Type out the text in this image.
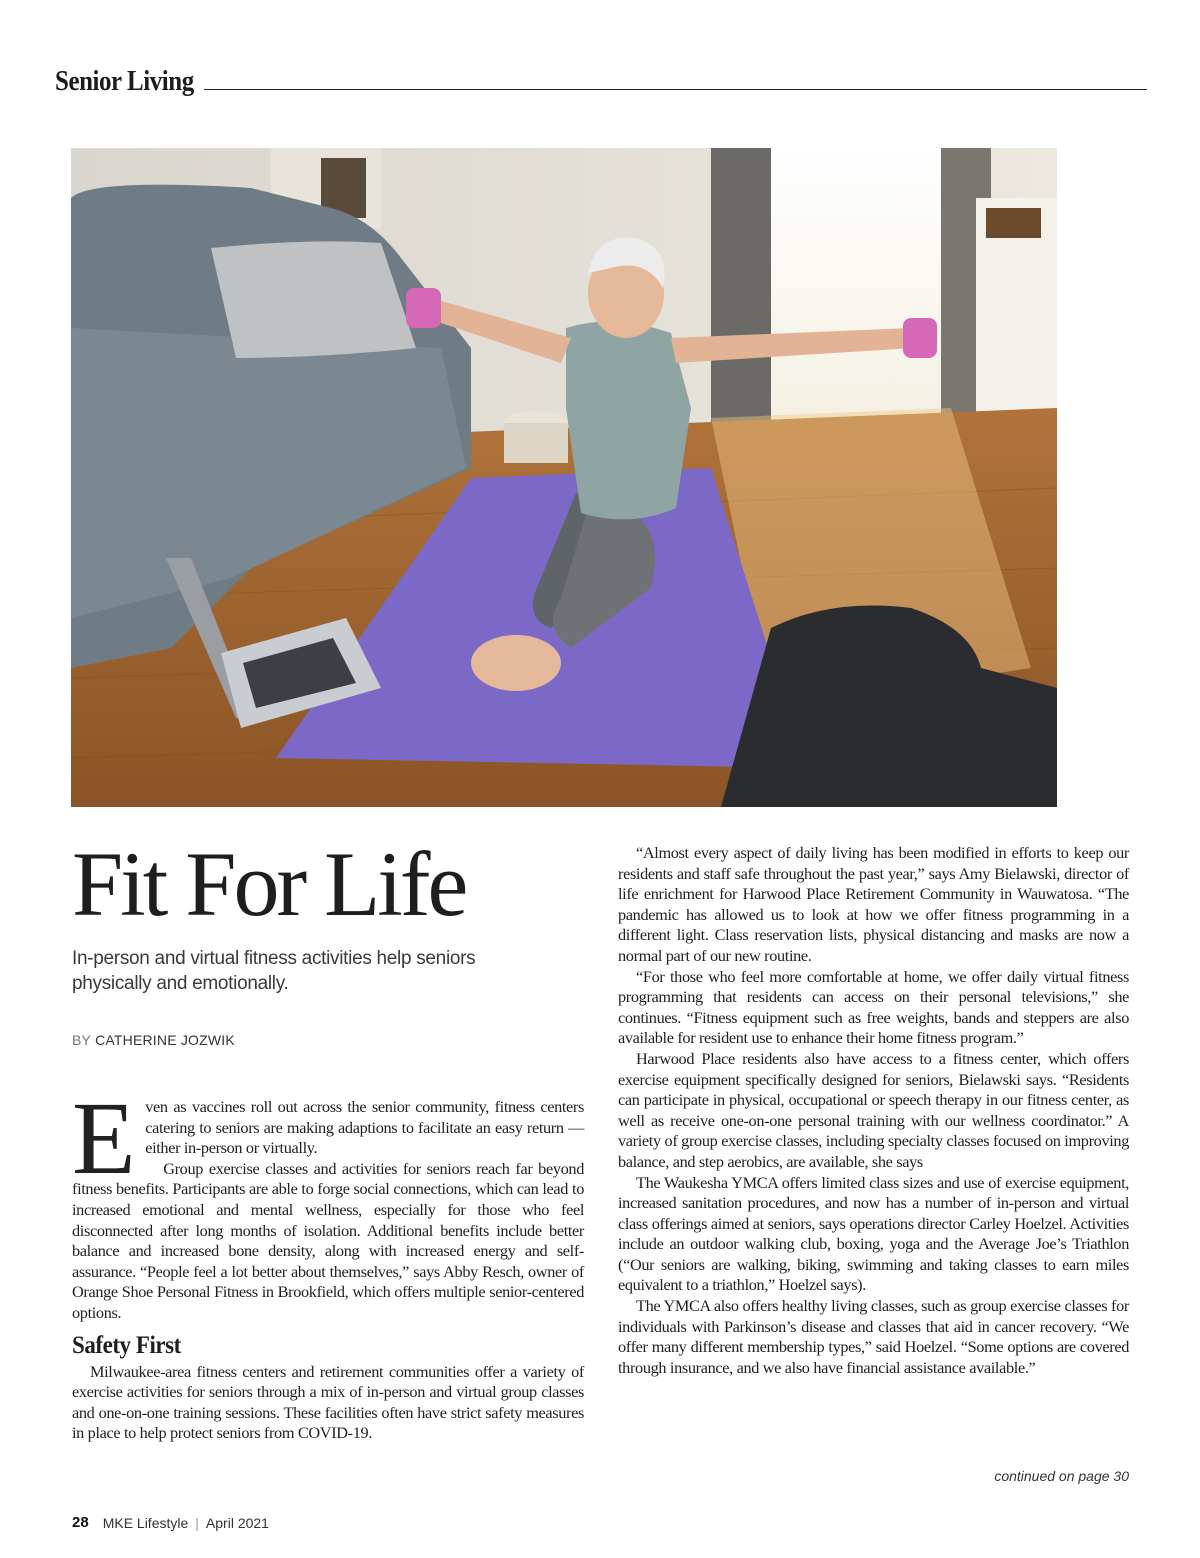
Senior Living
Fit For Life

In-person and virtual fitness activities help seniors physically and emotionally.

BY CATHERINE JOZWIK

Even as vaccines roll out across the senior community, fitness centers catering to seniors are making adaptions to facilitate an easy return — either in-person or virtually.

Group exercise classes and activities for seniors reach far beyond fitness benefits. Participants are able to forge social connections, which can lead to increased emotional and mental wellness, especially for those who feel disconnected after long months of isolation. Additional benefits include better balance and increased bone density, along with increased energy and self-assurance. “People feel a lot better about themselves,” says Abby Resch, owner of Orange Shoe Personal Fitness in Brookfield, which offers multiple senior-centered options.

Safety First

Milwaukee-area fitness centers and retirement communities offer a variety of exercise activities for seniors through a mix of in-person and virtual group classes and one-on-one training sessions. These facilities often have strict safety measures in place to help protect seniors from COVID-19.

“Almost every aspect of daily living has been modified in efforts to keep our residents and staff safe throughout the past year,” says Amy Bielawski, director of life enrichment for Harwood Place Retirement Community in Wauwatosa. “The pandemic has allowed us to look at how we offer fitness programming in a different light. Class reservation lists, physical distancing and masks are now a normal part of our new routine.

“For those who feel more comfortable at home, we offer daily virtual fitness programming that residents can access on their personal televisions,” she continues. “Fitness equipment such as free weights, bands and steppers are also available for resident use to enhance their home fitness program.”

Harwood Place residents also have access to a fitness center, which offers exercise equipment specifically designed for seniors, Bielawski says. “Residents can participate in physical, occupational or speech therapy in our fitness center, as well as receive one-on-one personal training with our wellness coordinator.” A variety of group exercise classes, including specialty classes focused on improving balance, and step aerobics, are available, she says

The Waukesha YMCA offers limited class sizes and use of exercise equipment, increased sanitation procedures, and now has a number of in-person and virtual class offerings aimed at seniors, says operations director Carley Hoelzel. Activities include an outdoor walking club, boxing, yoga and the Average Joe’s Triathlon (“Our seniors are walking, biking, swimming and taking classes to earn miles equivalent to a triathlon,” Hoelzel says).

The YMCA also offers healthy living classes, such as group exercise classes for individuals with Parkinson’s disease and classes that aid in cancer recovery. “We offer many different membership types,” said Hoelzel. “Some options are covered through insurance, and we also have financial assistance available.”

continued on page 30
28 MKE Lifestyle | April 2021
